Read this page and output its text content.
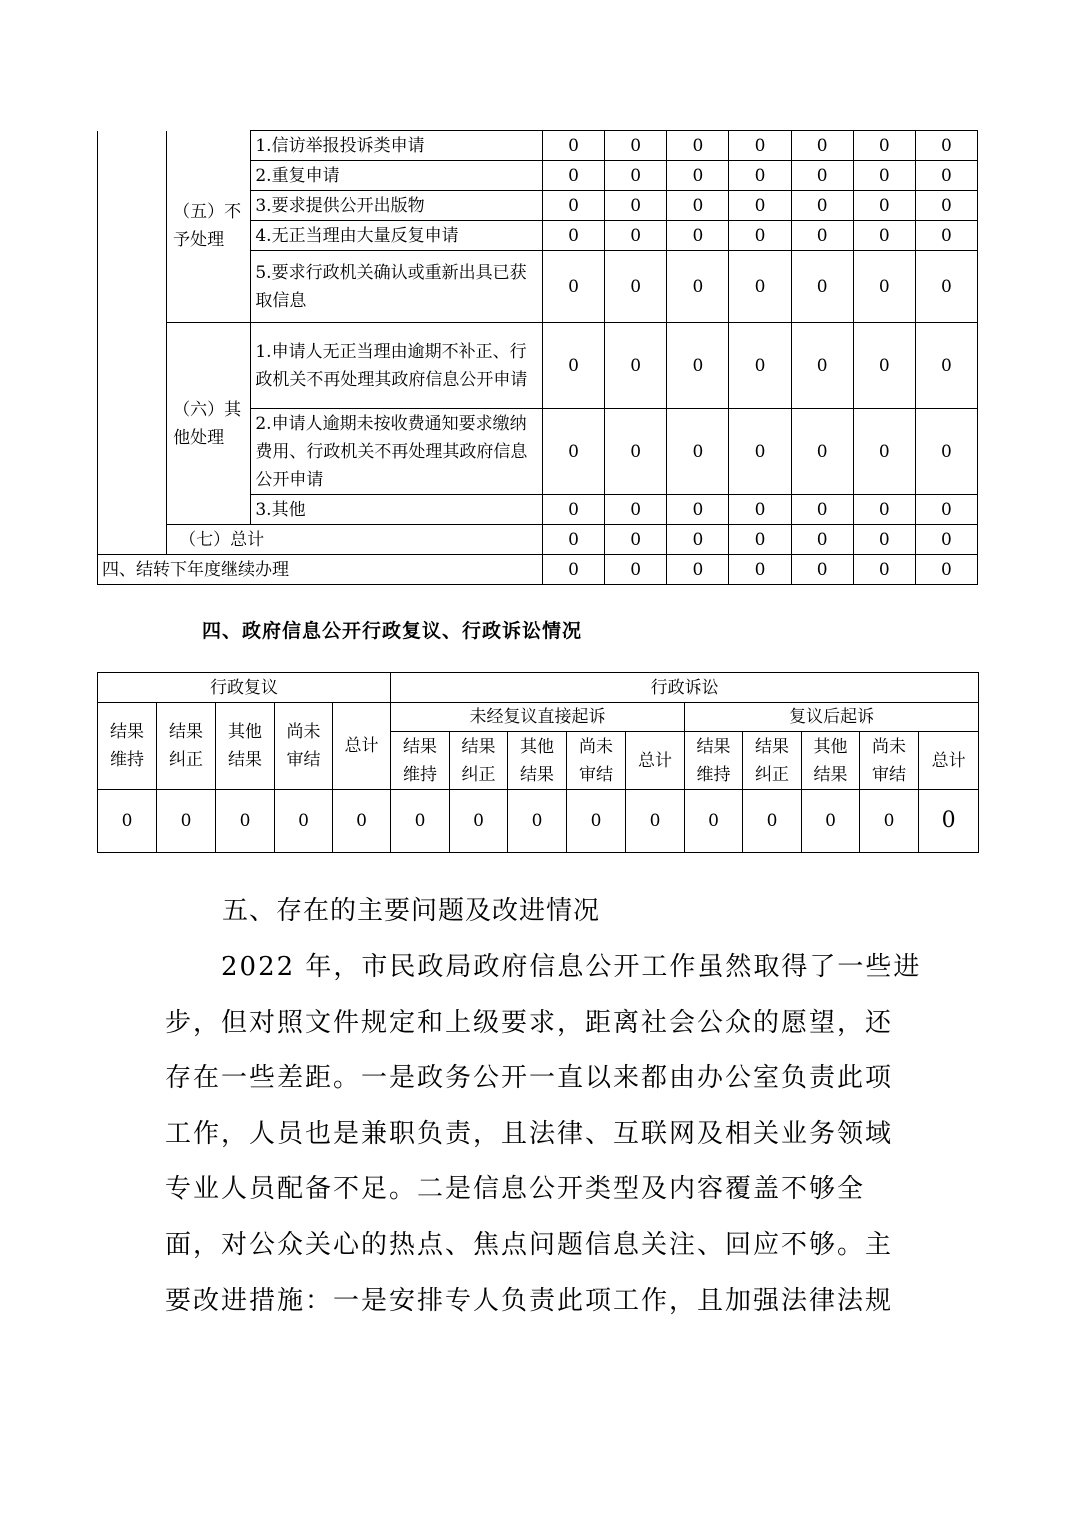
	（五）不予处理	1.信访举报投诉类申请	0	0	0	0	0	0	0
		2.重复申请	0	0	0	0	0	0	0
		3.要求提供公开出版物	0	0	0	0	0	0	0
		4.无正当理由大量反复申请	0	0	0	0	0	0	0
		5.要求行政机关确认或重新出具已获取信息	0	0	0	0	0	0	0
	（六）其他处理	1.申请人无正当理由逾期不补正、行政机关不再处理其政府信息公开申请	0	0	0	0	0	0	0
		2.申请人逾期未按收费通知要求缴纳费用、行政机关不再处理其政府信息公开申请	0	0	0	0	0	0	0
		3.其他	0	0	0	0	0	0	0
	（七）总计		0	0	0	0	0	0	0
四、结转下年度继续办理			0	0	0	0	0	0	0
四、政府信息公开行政复议、行政诉讼情况
行政复议					行政诉讼									
结果维持	结果纠正	其他结果	尚未审结	总计	未经复议直接起诉					复议后起诉				
					结果维持	结果纠正	其他结果	尚未审结	总计	结果维持	结果纠正	其他结果	尚未审结	总计
0	0	0	0	0	0	0	0	0	0	0	0	0	0	0
五、存在的主要问题及改进情况
2022 年，市民政局政府信息公开工作虽然取得了一些进
步，但对照文件规定和上级要求，距离社会公众的愿望，还
存在一些差距。一是政务公开一直以来都由办公室负责此项
工作，人员也是兼职负责，且法律、互联网及相关业务领域
专业人员配备不足。二是信息公开类型及内容覆盖不够全
面，对公众关心的热点、焦点问题信息关注、回应不够。主
要改进措施：一是安排专人负责此项工作，且加强法律法规
